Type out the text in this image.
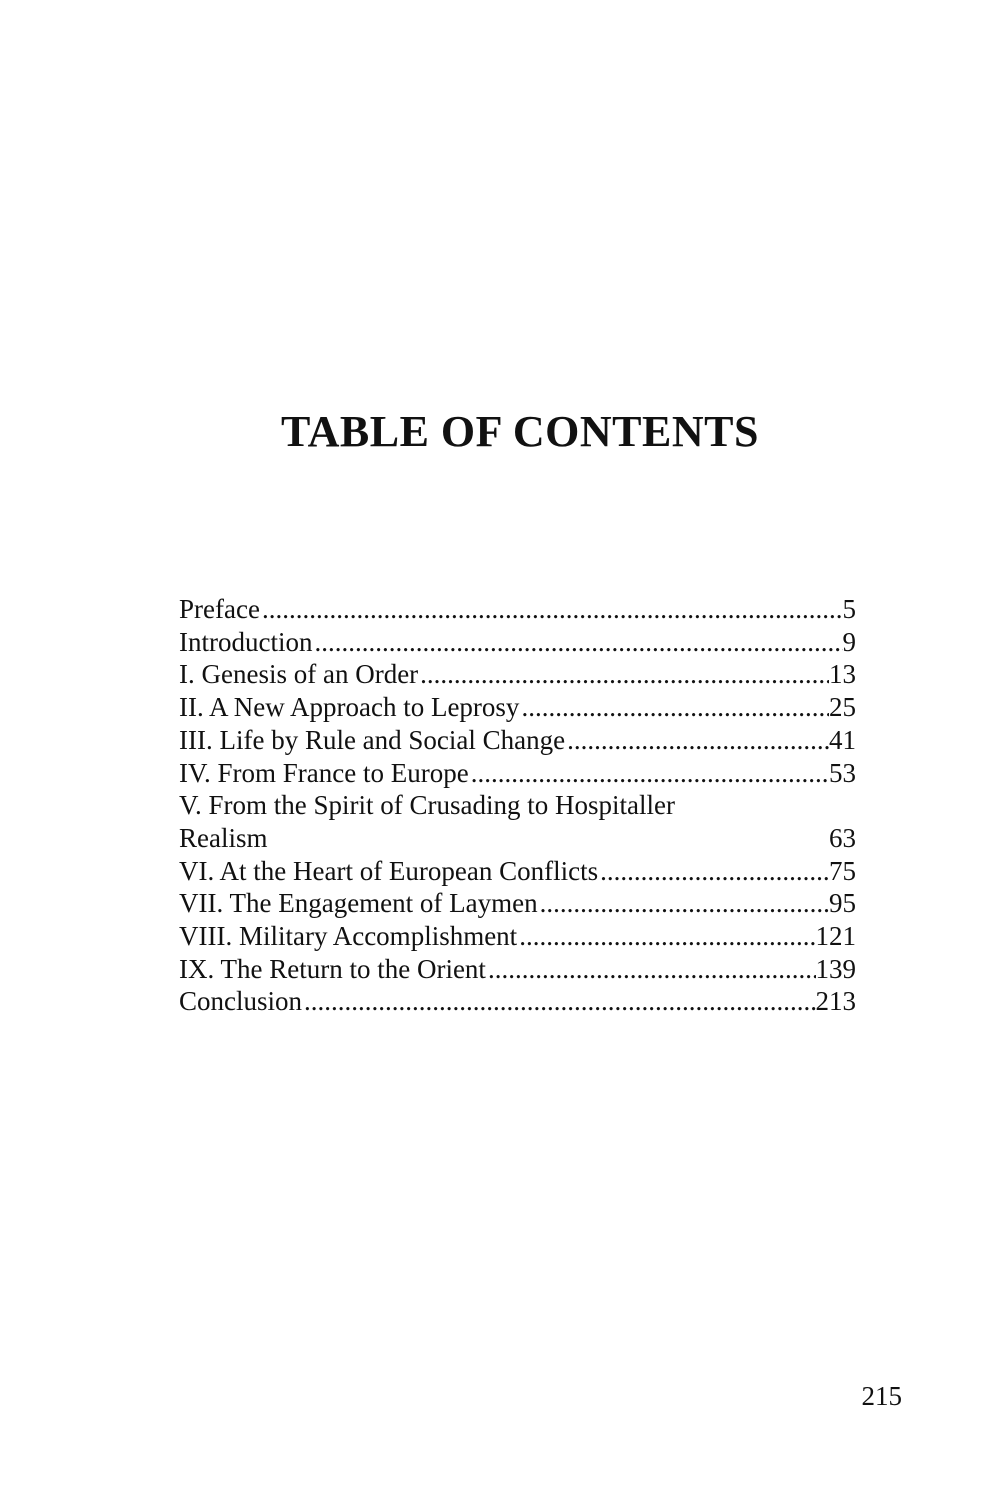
TABLE OF CONTENTS
Preface .....	5
Introduction .....	9
I. Genesis of an Order .....	13
II. A New Approach to Leprosy .....	25
III. Life by Rule and Social Change .....	41
IV. From France to Europe .....	53
V. From the Spirit of Crusading to Hospitaller
Realism	63
VI. At the Heart of European Conflicts .....	75
VII. The Engagement of Laymen .....	95
VIII. Military Accomplishment .....	121
IX. The Return to the Orient .....	139
Conclusion .....	213

215
